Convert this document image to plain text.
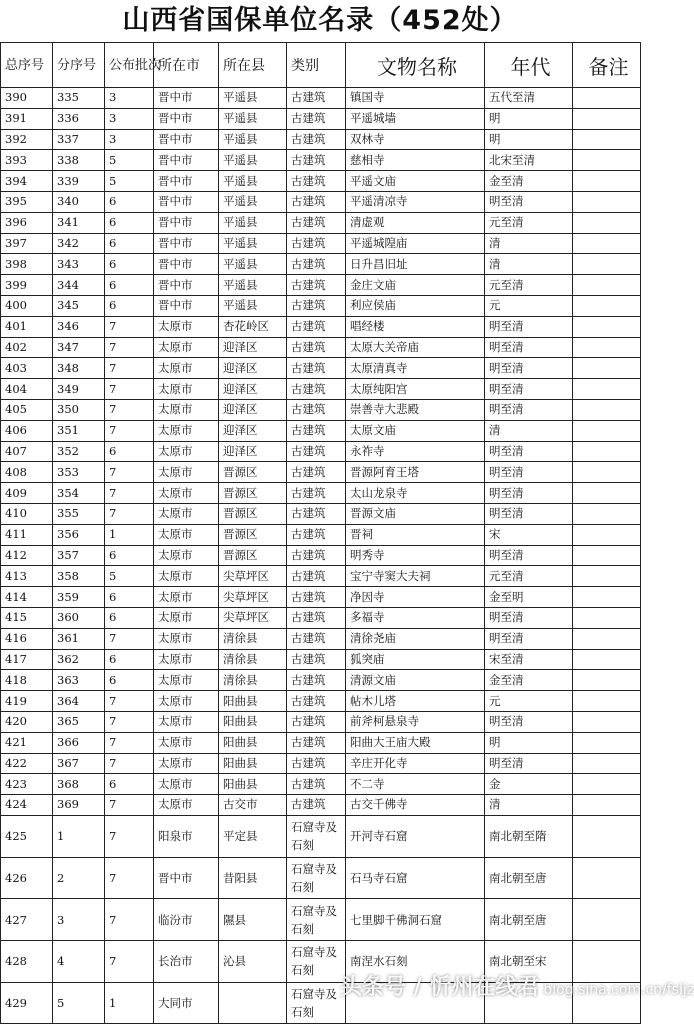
山西省国保单位名录（452处）
总序号	分序号	公布批次	所在市	所在县	类别	文物名称	年代	备注
390	335	3	晋中市	平遥县	古建筑	镇国寺	五代至清	
391	336	3	晋中市	平遥县	古建筑	平遥城墙	明	
392	337	3	晋中市	平遥县	古建筑	双林寺	明	
393	338	5	晋中市	平遥县	古建筑	慈相寺	北宋至清	
394	339	5	晋中市	平遥县	古建筑	平遥文庙	金至清	
395	340	6	晋中市	平遥县	古建筑	平遥清凉寺	明至清	
396	341	6	晋中市	平遥县	古建筑	清虚观	元至清	
397	342	6	晋中市	平遥县	古建筑	平遥城隍庙	清	
398	343	6	晋中市	平遥县	古建筑	日升昌旧址	清	
399	344	6	晋中市	平遥县	古建筑	金庄文庙	元至清	
400	345	6	晋中市	平遥县	古建筑	利应侯庙	元	
401	346	7	太原市	杏花岭区	古建筑	唱经楼	明至清	
402	347	7	太原市	迎泽区	古建筑	太原大关帝庙	明至清	
403	348	7	太原市	迎泽区	古建筑	太原清真寺	明至清	
404	349	7	太原市	迎泽区	古建筑	太原纯阳宫	明至清	
405	350	7	太原市	迎泽区	古建筑	崇善寺大悲殿	明至清	
406	351	7	太原市	迎泽区	古建筑	太原文庙	清	
407	352	6	太原市	迎泽区	古建筑	永祚寺	明至清	
408	353	7	太原市	晋源区	古建筑	晋源阿育王塔	明至清	
409	354	7	太原市	晋源区	古建筑	太山龙泉寺	明至清	
410	355	7	太原市	晋源区	古建筑	晋源文庙	明至清	
411	356	1	太原市	晋源区	古建筑	晋祠	宋	
412	357	6	太原市	晋源区	古建筑	明秀寺	明至清	
413	358	5	太原市	尖草坪区	古建筑	宝宁寺窦大夫祠	元至清	
414	359	6	太原市	尖草坪区	古建筑	净因寺	金至明	
415	360	6	太原市	尖草坪区	古建筑	多福寺	明至清	
416	361	7	太原市	清徐县	古建筑	清徐尧庙	明至清	
417	362	6	太原市	清徐县	古建筑	狐突庙	宋至清	
418	363	6	太原市	清徐县	古建筑	清源文庙	金至清	
419	364	7	太原市	阳曲县	古建筑	帖木儿塔	元	
420	365	7	太原市	阳曲县	古建筑	前斧柯悬泉寺	明至清	
421	366	7	太原市	阳曲县	古建筑	阳曲大王庙大殿	明	
422	367	7	太原市	阳曲县	古建筑	辛庄开化寺	明至清	
423	368	6	太原市	阳曲县	古建筑	不二寺	金	
424	369	7	太原市	古交市	古建筑	古交千佛寺	清	
425	1	7	阳泉市	平定县	石窟寺及石刻	开河寺石窟	南北朝至隋	
426	2	7	晋中市	昔阳县	石窟寺及石刻	石马寺石窟	南北朝至唐	
427	3	7	临汾市	隰县	石窟寺及石刻	七里脚千佛洞石窟	南北朝至唐	
428	4	7	长治市	沁县	石窟寺及石刻	南涅水石刻	南北朝至宋	
429	5	1	大同市		石窟寺及石刻			
头条号 / 忻州在线君 blog.sina.com.cn/fsljz
